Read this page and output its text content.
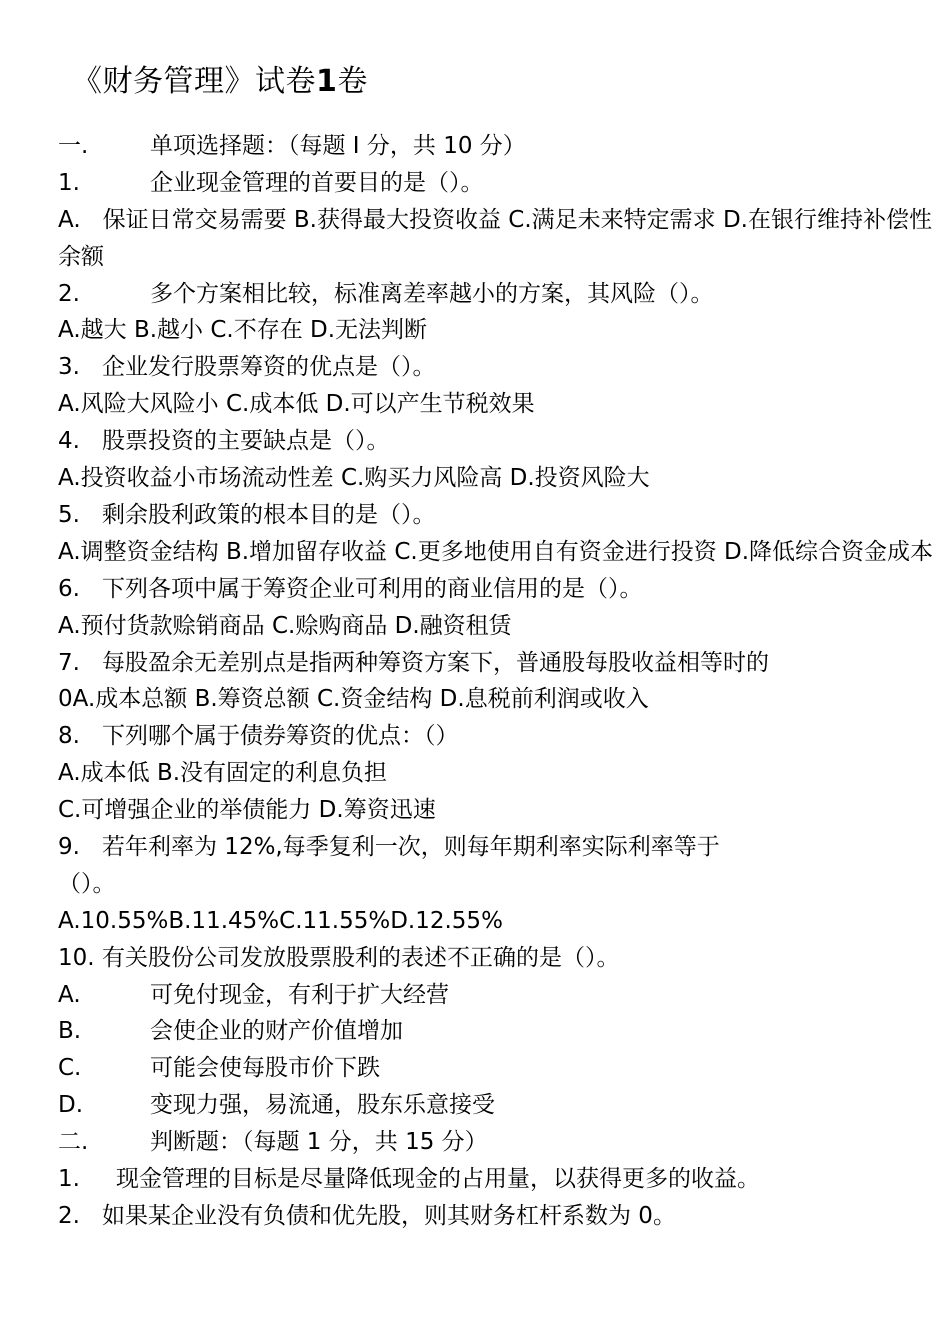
《财务管理》试卷1卷
一.	单项选择题：（每题 I 分，共 10 分）
1.	企业现金管理的首要目的是（）。
A.   保证日常交易需要 B.获得最大投资收益 C.满足未来特定需求 D.在银行维持补偿性余额
2.	多个方案相比较，标准离差率越小的方案，其风险（）。
A.越大 B.越小 C.不存在 D.无法判断
3. 企业发行股票筹资的优点是（）。
A.风险大风险小 C.成本低 D.可以产生节税效果
4. 股票投资的主要缺点是（）。
A.投资收益小市场流动性差 C.购买力风险高 D.投资风险大
5. 剩余股利政策的根本目的是（）。
A.调整资金结构 B.增加留存收益 C.更多地使用自有资金进行投资 D.降低综合资金成本
6. 下列各项中属于筹资企业可利用的商业信用的是（）。
A.预付货款赊销商品 C.赊购商品 D.融资租赁
7. 每股盈余无差别点是指两种筹资方案下，普通股每股收益相等时的
0A.成本总额 B.筹资总额 C.资金结构 D.息税前利润或收入
8. 下列哪个属于债券筹资的优点：（）
A.成本低 B.没有固定的利息负担
C.可增强企业的举债能力 D.筹资迅速
9. 若年利率为 12%,每季复利一次，则每年期利率实际利率等于
（）。
A.10.55%B.11.45%C.11.55%D.12.55%
10. 有关股份公司发放股票股利的表述不正确的是（）。
A.	可免付现金，有利于扩大经营
B.	会使企业的财产价值增加
C.	可能会使每股市价下跌
D.	变现力强，易流通，股东乐意接受
二.	判断题：（每题 1 分，共 15 分）
1. 现金管理的目标是尽量降低现金的占用量，以获得更多的收益。
2. 如果某企业没有负债和优先股，则其财务杠杆系数为 0。
